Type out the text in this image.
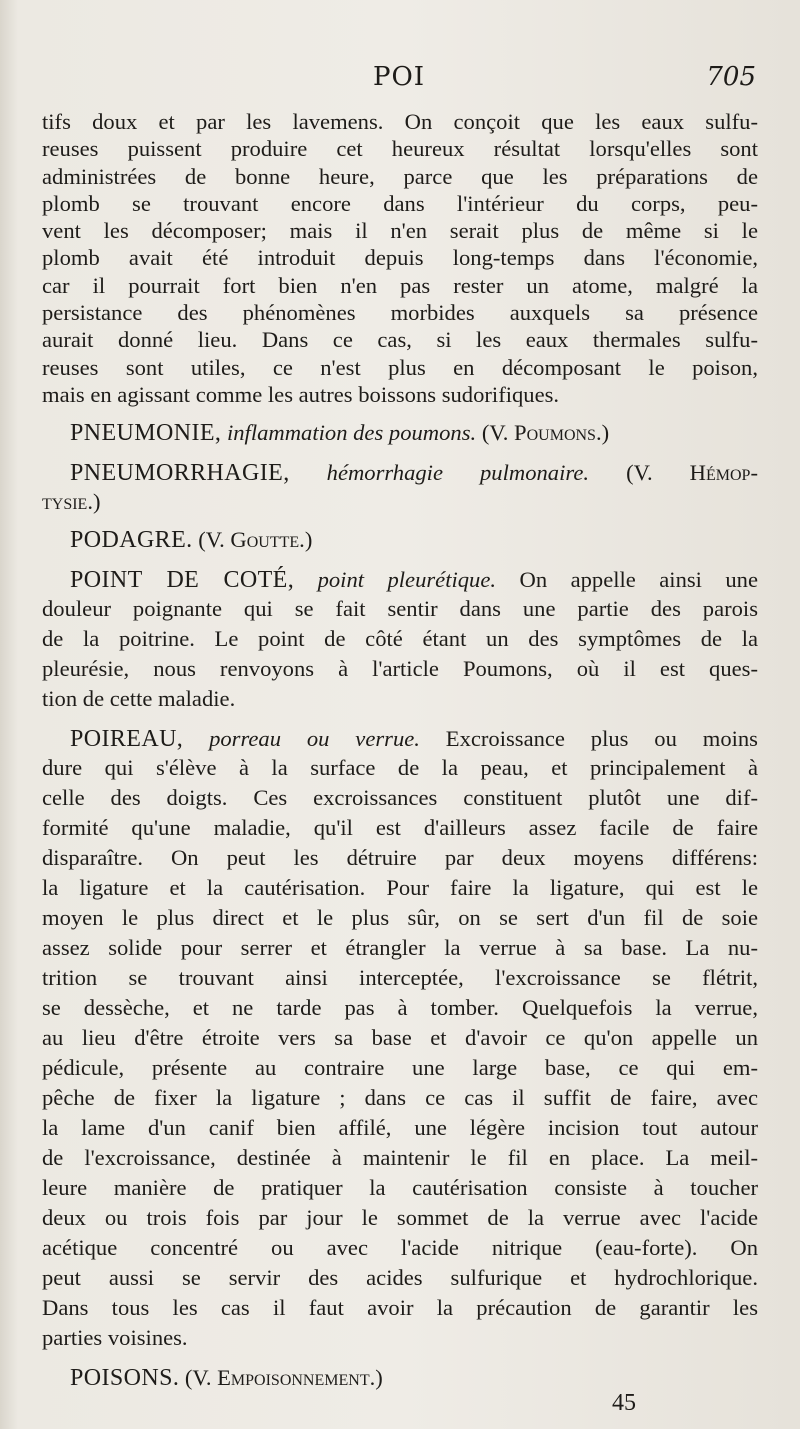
POI	705
tifs doux et par les lavemens. On conçoit que les eaux sulfu-
reuses puissent produire cet heureux résultat lorsqu'elles sont
administrées de bonne heure, parce que les préparations de
plomb se trouvant encore dans l'intérieur du corps, peu-
vent les décomposer; mais il n'en serait plus de même si le
plomb avait été introduit depuis long-temps dans l'économie,
car il pourrait fort bien n'en pas rester un atome, malgré la
persistance des phénomènes morbides auxquels sa présence
aurait donné lieu. Dans ce cas, si les eaux thermales sulfu-
reuses sont utiles, ce n'est plus en décomposant le poison,
mais en agissant comme les autres boissons sudorifiques.
PNEUMONIE, inflammation des poumons. (V. Poumons.)
PNEUMORRHAGIE, hémorrhagie pulmonaire. (V. Hémop-
tysie.)
PODAGRE. (V. Goutte.)
POINT DE COTÉ, point pleurétique. On appelle ainsi une
douleur poignante qui se fait sentir dans une partie des parois
de la poitrine. Le point de côté étant un des symptômes de la
pleurésie, nous renvoyons à l'article Poumons, où il est ques-
tion de cette maladie.
POIREAU, porreau ou verrue. Excroissance plus ou moins
dure qui s'élève à la surface de la peau, et principalement à
celle des doigts. Ces excroissances constituent plutôt une dif-
formité qu'une maladie, qu'il est d'ailleurs assez facile de faire
disparaître. On peut les détruire par deux moyens différens:
la ligature et la cautérisation. Pour faire la ligature, qui est le
moyen le plus direct et le plus sûr, on se sert d'un fil de soie
assez solide pour serrer et étrangler la verrue à sa base. La nu-
trition se trouvant ainsi interceptée, l'excroissance se flétrit,
se dessèche, et ne tarde pas à tomber. Quelquefois la verrue,
au lieu d'être étroite vers sa base et d'avoir ce qu'on appelle un
pédicule, présente au contraire une large base, ce qui em-
pêche de fixer la ligature ; dans ce cas il suffit de faire, avec
la lame d'un canif bien affilé, une légère incision tout autour
de l'excroissance, destinée à maintenir le fil en place. La meil-
leure manière de pratiquer la cautérisation consiste à toucher
deux ou trois fois par jour le sommet de la verrue avec l'acide
acétique concentré ou avec l'acide nitrique (eau-forte). On
peut aussi se servir des acides sulfurique et hydrochlorique.
Dans tous les cas il faut avoir la précaution de garantir les
parties voisines.
POISONS. (V. Empoisonnement.)
45
